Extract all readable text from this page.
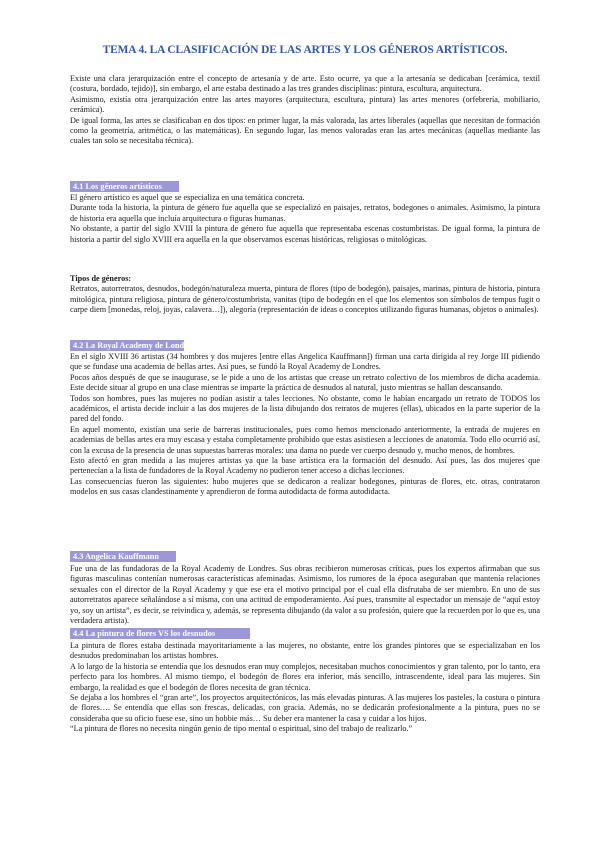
TEMA 4. LA CLASIFICACIÓN DE LAS ARTES Y LOS GÉNEROS ARTÍSTICOS.

Existe una clara jerarquización entre el concepto de artesanía y de arte. Esto ocurre, ya que a la artesanía se dedicaban [cerámica, textil (costura, bordado, tejido)], sin embargo, el arte estaba destinado a las tres grandes disciplinas: pintura, escultura, arquitectura.

Asimismo, existía otra jerarquización entre las artes mayores (arquitectura, escultura, pintura) las artes menores (orfebrería, mobiliario, cerámica).

De igual forma, las artes se clasificaban en dos tipos: en primer lugar, la más valorada, las artes liberales (aquellas que necesitan de formación como la geometría, aritmética, o las matemáticas). En segundo lugar, las menos valoradas eran las artes mecánicas (aquellas mediante las cuales tan solo se necesitaba técnica).

4.1 Los géneros artísticos

El género artístico es aquel que se especializa en una temática concreta.

Durante toda la historia, la pintura de género fue aquella que se especializó en paisajes, retratos, bodegones o animales. Asimismo, la pintura de historia era aquella que incluía arquitectura o figuras humanas.

No obstante, a partir del siglo XVIII la pintura de género fue aquella que representaba escenas costumbristas. De igual forma, la pintura de historia a partir del siglo XVIII era aquella en la que observamos escenas históricas, religiosas o mitológicas.

Tipos de géneros:

Retratos, autorretratos, desnudos, bodegón/naturaleza muerta, pintura de flores (tipo de bodegón), paisajes, marinas, pintura de historia, pintura mitológica, pintura religiosa, pintura de género/costumbrista, vanitas (tipo de bodegón en el que los elementos son símbolos de tempus fugit o carpe diem [monedas, reloj, joyas, calavera…]), alegoría (representación de ideas o conceptos utilizando figuras humanas, objetos o animales).

4.2 La Royal Academy de Londres

En el siglo XVIII 36 artistas (34 hombres y dos mujeres [entre ellas Angelica Kauffmann]) firman una carta dirigida al rey Jorge III pidiendo que se fundase una academia de bellas artes. Así pues, se fundó la Royal Academy de Londres.

Pocos años después de que se inaugurase, se le pide a uno de los artistas que crease un retrato colectivo de los miembros de dicha academia. Este decide situar al grupo en una clase mientras se imparte la práctica de desnudos al natural, justo mientras se hallan descansando.

Todos son hombres, pues las mujeres no podían asistir a tales lecciones. No obstante, como le habían encargado un retrato de TODOS los académicos, el artista decide incluir a las dos mujeres de la lista dibujando dos retratos de mujeres (ellas), ubicados en la parte superior de la pared del fondo.

En aquel momento, existían una serie de barreras institucionales, pues como hemos mencionado anteriormente, la entrada de mujeres en academias de bellas artes era muy escasa y estaba completamente prohibido que estas asistiesen a lecciones de anatomía. Todo ello ocurrió así, con la excusa de la presencia de unas supuestas barreras morales: una dama no puede ver cuerpo desnudo y, mucho menos, de hombres.

Esto afectó en gran medida a las mujeres artistas ya que la base artística era la formación del desnudo. Así pues, las dos mujeres que pertenecían a la lista de fundadores de la Royal Academy no pudieron tener acceso a dichas lecciones.

Las consecuencias fueron las siguientes: hubo mujeres que se dedicaron a realizar bodegones, pinturas de flores, etc. otras, contrataron modelos en sus casas clandestinamente y aprendieron de forma autodidacta de forma autodidacta.

4.3 Angelica Kauffmann

Fue una de las fundadoras de la Royal Academy de Londres. Sus obras recibieron numerosas críticas, pues los expertos afirmaban que sus figuras masculinas contenían numerosas características afeminadas. Asimismo, los rumores de la época aseguraban que mantenía relaciones sexuales con el director de la Royal Academy y que ese era el motivo principal por el cual ella disfrutaba de ser miembro. En uno de sus autorretratos aparece señalándose a sí misma, con una actitud de empoderamiento. Así pues, transmite al espectador un mensaje de “aquí estoy yo, soy un artista”, es decir, se reivindica y, además, se representa dibujando (da valor a su profesión, quiere que la recuerden por lo que es, una verdadera artista).

4.4 La pintura de flores VS los desnudos

La pintura de flores estaba destinada mayoritariamente a las mujeres, no obstante, entre los grandes pintores que se especializaban en los desnudos predominaban los artistas hombres.

A lo largo de la historia se entendía que los desnudos eran muy complejos, necesitaban muchos conocimientos y gran talento, por lo tanto, era perfecto para los hombres. Al mismo tiempo, el bodegón de flores era inferior, más sencillo, intrascendente, ideal para las mujeres. Sin embargo, la realidad es que el bodegón de flores necesita de gran técnica.

Se dejaba a los hombres el “gran arte”, los proyectos arquitectónicos, las más elevadas pinturas. A las mujeres los pasteles, la costura o pintura de flores…. Se entendía que ellas son frescas, delicadas, con gracia. Además, no se dedicarán profesionalmente a la pintura, pues no se consideraba que su oficio fuese ese, sino un hobbie más… Su deber era mantener la casa y cuidar a los hijos.

“La pintura de flores no necesita ningún genio de tipo mental o espiritual, sino del trabajo de realizarlo.”
